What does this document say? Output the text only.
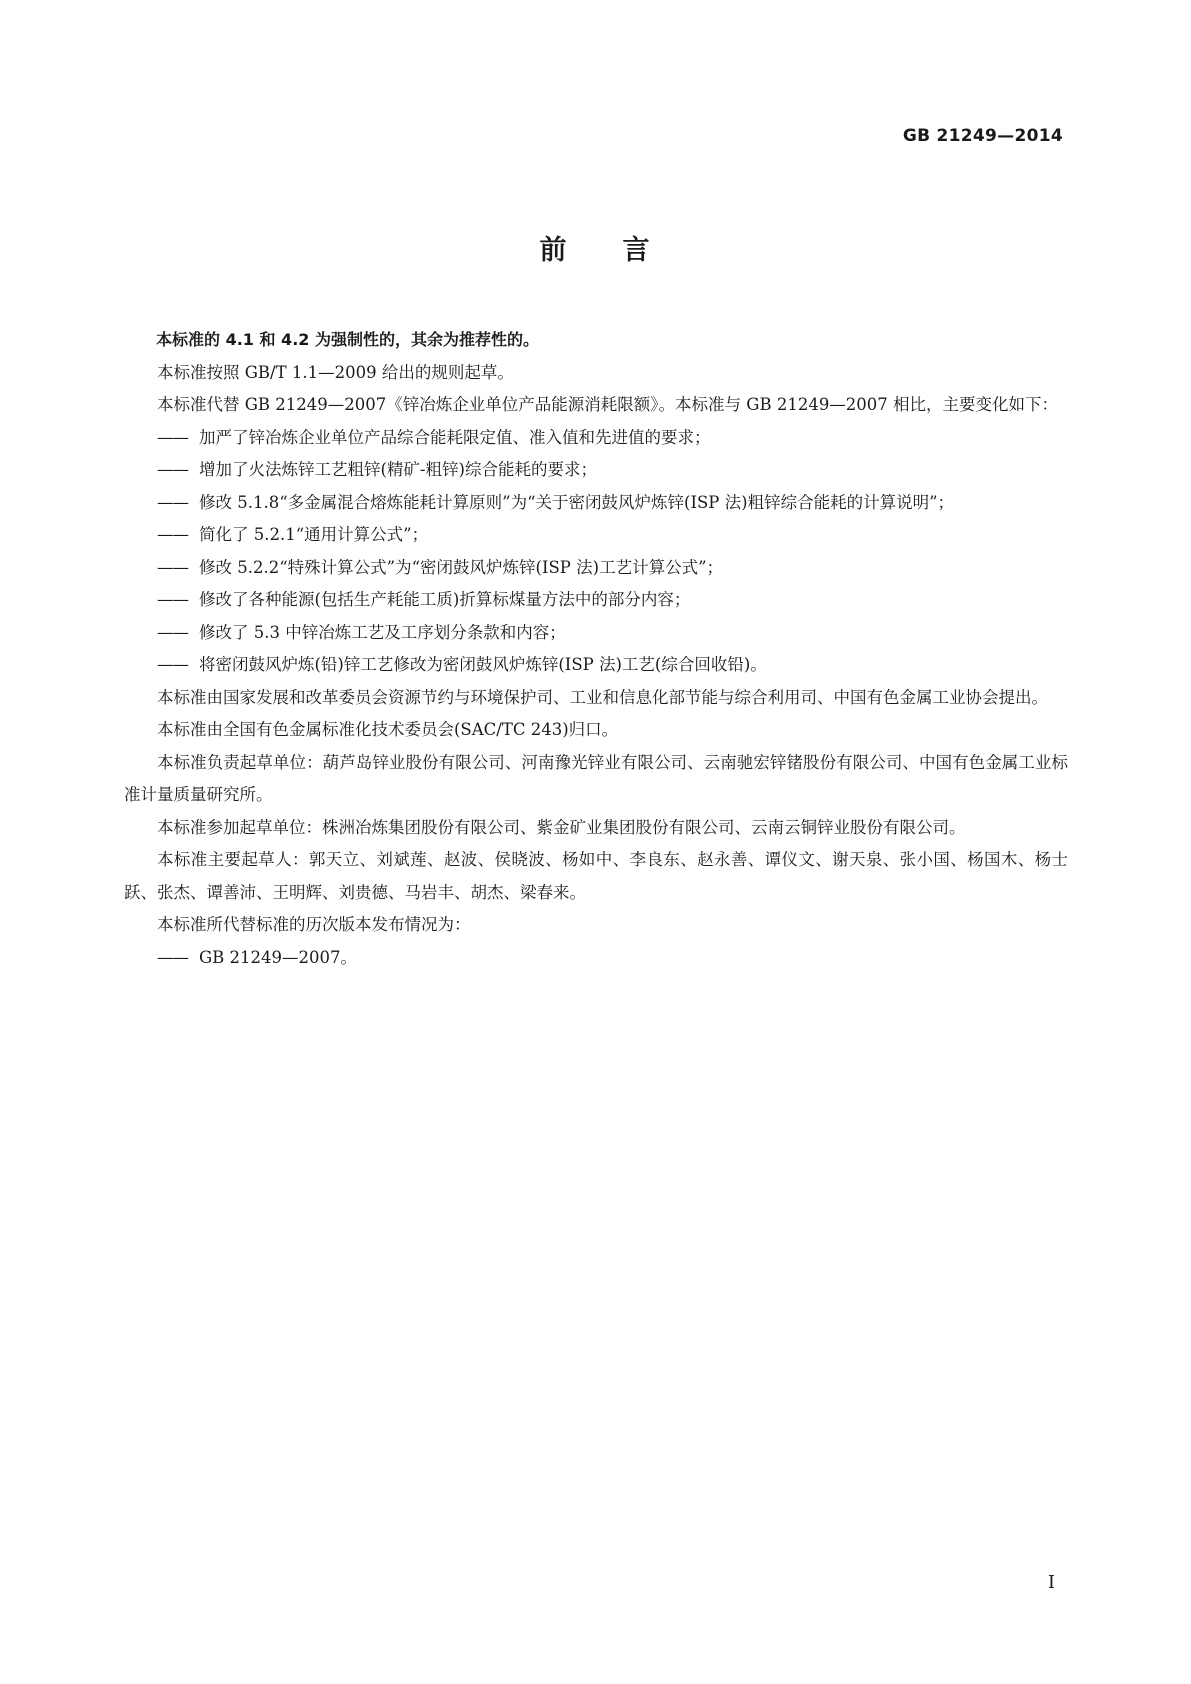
GB 21249—2014
前 言

本标准的 4.1 和 4.2 为强制性的，其余为推荐性的。

本标准按照 GB/T 1.1—2009 给出的规则起草。

本标准代替 GB 21249—2007《锌冶炼企业单位产品能源消耗限额》。本标准与 GB 21249—2007 相比，主要变化如下：

—— 加严了锌冶炼企业单位产品综合能耗限定值、准入值和先进值的要求；
—— 增加了火法炼锌工艺粗锌(精矿-粗锌)综合能耗的要求；
—— 修改 5.1.8“多金属混合熔炼能耗计算原则”为“关于密闭鼓风炉炼锌(ISP 法)粗锌综合能耗的计算说明”；
—— 简化了 5.2.1“通用计算公式”；
—— 修改 5.2.2“特殊计算公式”为“密闭鼓风炉炼锌(ISP 法)工艺计算公式”；
—— 修改了各种能源(包括生产耗能工质)折算标煤量方法中的部分内容；
—— 修改了 5.3 中锌冶炼工艺及工序划分条款和内容；
—— 将密闭鼓风炉炼(铅)锌工艺修改为密闭鼓风炉炼锌(ISP 法)工艺(综合回收铅)。

本标准由国家发展和改革委员会资源节约与环境保护司、工业和信息化部节能与综合利用司、中国有色金属工业协会提出。

本标准由全国有色金属标准化技术委员会(SAC/TC 243)归口。

本标准负责起草单位：葫芦岛锌业股份有限公司、河南豫光锌业有限公司、云南驰宏锌锗股份有限公司、中国有色金属工业标准计量质量研究所。

本标准参加起草单位：株洲冶炼集团股份有限公司、紫金矿业集团股份有限公司、云南云铜锌业股份有限公司。

本标准主要起草人：郭天立、刘斌莲、赵波、侯晓波、杨如中、李良东、赵永善、谭仪文、谢天泉、张小国、杨国木、杨士跃、张杰、谭善沛、王明辉、刘贵德、马岩丰、胡杰、梁春来。

本标准所代替标准的历次版本发布情况为：

—— GB 21249—2007。
I
